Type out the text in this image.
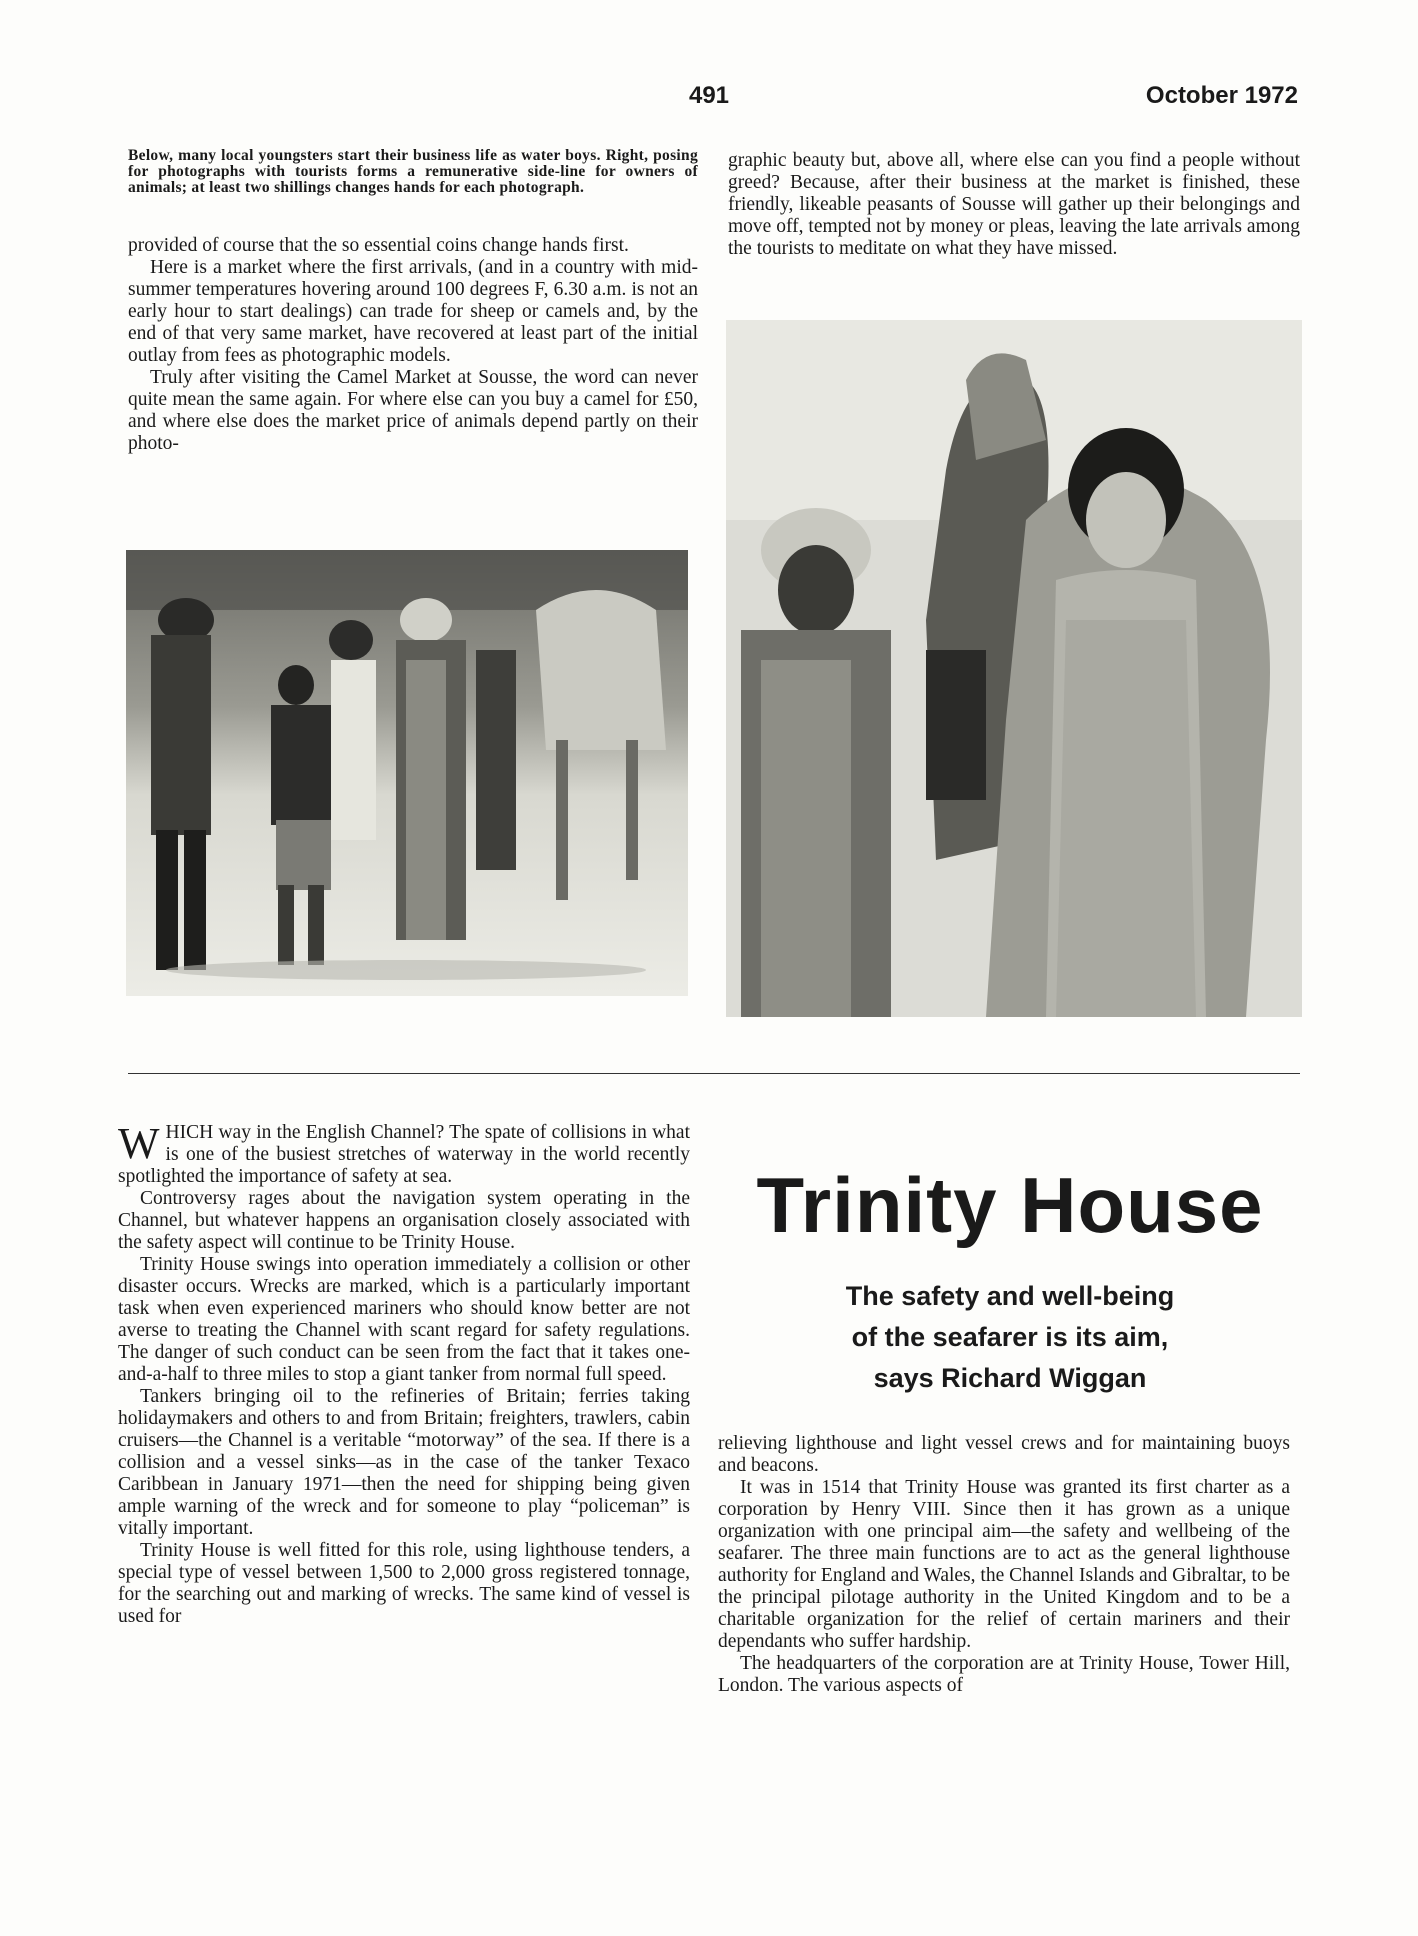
491	October 1972
Below, many local youngsters start their business life as water boys. Right, posing for photographs with tourists forms a remunerative side-line for owners of animals; at least two shillings changes hands for each photograph.

provided of course that the so essential coins change hands first.

Here is a market where the first arrivals, (and in a country with mid-summer temperatures hovering around 100 degrees F, 6.30 a.m. is not an early hour to start dealings) can trade for sheep or camels and, by the end of that very same market, have recovered at least part of the initial outlay from fees as photographic models.

Truly after visiting the Camel Market at Sousse, the word can never quite mean the same again. For where else can you buy a camel for £50, and where else does the market price of animals depend partly on their photo-

graphic beauty but, above all, where else can you find a people without greed? Because, after their business at the market is finished, these friendly, likeable peasants of Sousse will gather up their belongings and move off, tempted not by money or pleas, leaving the late arrivals among the tourists to meditate on what they have missed.

WHICH way in the English Channel? The spate of collisions in what is one of the busiest stretches of waterway in the world recently spotlighted the importance of safety at sea.

Controversy rages about the navigation system operating in the Channel, but whatever happens an organisation closely associated with the safety aspect will continue to be Trinity House.

Trinity House swings into operation immediately a collision or other disaster occurs. Wrecks are marked, which is a particularly important task when even experienced mariners who should know better are not averse to treating the Channel with scant regard for safety regulations. The danger of such conduct can be seen from the fact that it takes one-and-a-half to three miles to stop a giant tanker from normal full speed.

Tankers bringing oil to the refineries of Britain; ferries taking holidaymakers and others to and from Britain; freighters, trawlers, cabin cruisers—the Channel is a veritable “motorway” of the sea. If there is a collision and a vessel sinks—as in the case of the tanker Texaco Caribbean in January 1971—then the need for shipping being given ample warning of the wreck and for someone to play “policeman” is vitally important.

Trinity House is well fitted for this role, using lighthouse tenders, a special type of vessel between 1,500 to 2,000 gross registered tonnage, for the searching out and marking of wrecks. The same kind of vessel is used for

Trinity House
The safety and well-being
of the seafarer is its aim,
says Richard Wiggan

relieving lighthouse and light vessel crews and for maintaining buoys and beacons.

It was in 1514 that Trinity House was granted its first charter as a corporation by Henry VIII. Since then it has grown as a unique organization with one principal aim—the safety and wellbeing of the seafarer. The three main functions are to act as the general lighthouse authority for England and Wales, the Channel Islands and Gibraltar, to be the principal pilotage authority in the United Kingdom and to be a charitable organization for the relief of certain mariners and their dependants who suffer hardship.

The headquarters of the corporation are at Trinity House, Tower Hill, London. The various aspects of
